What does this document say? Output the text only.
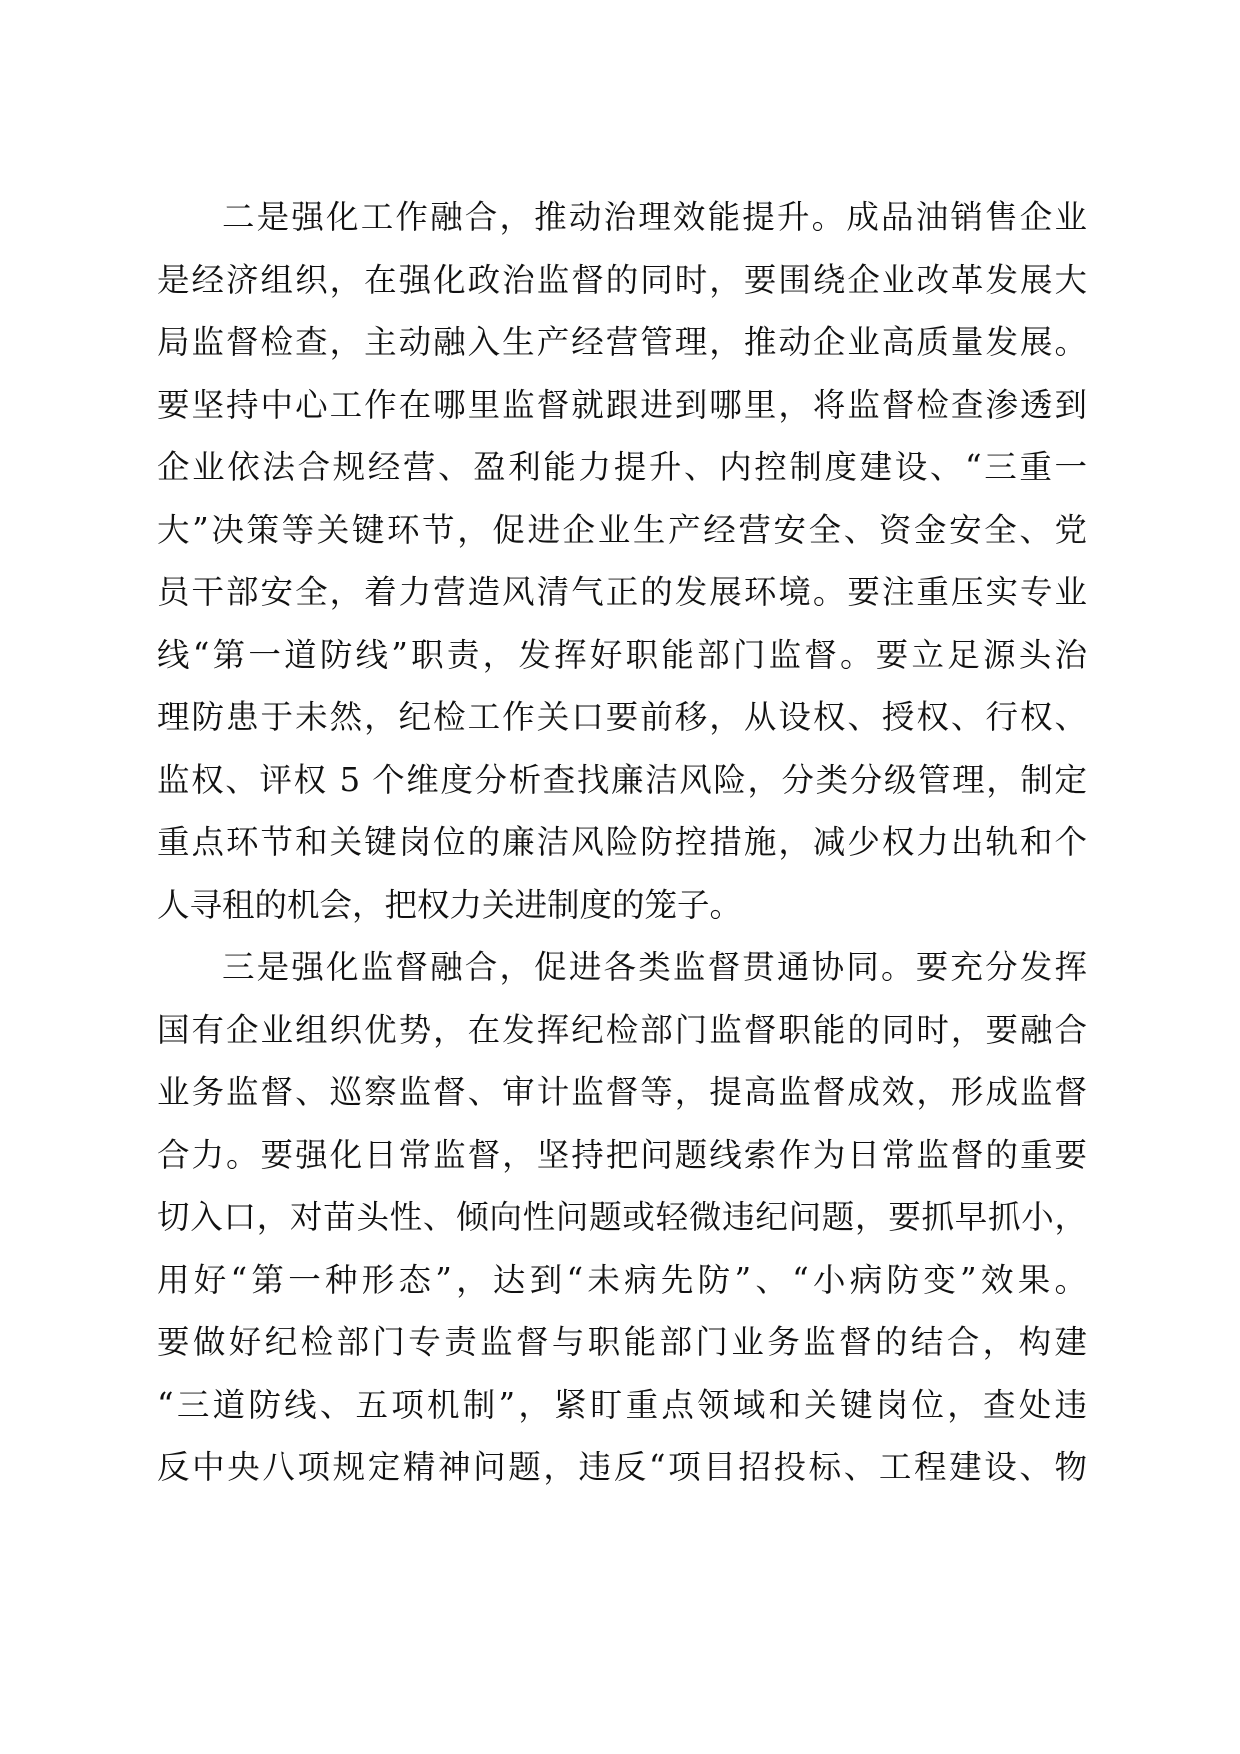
二是强化工作融合，推动治理效能提升。成品油销售企业
是经济组织，在强化政治监督的同时，要围绕企业改革发展大
局监督检查，主动融入生产经营管理，推动企业高质量发展。
要坚持中心工作在哪里监督就跟进到哪里，将监督检查渗透到
企业依法合规经营、盈利能力提升、内控制度建设、“三重一
大”决策等关键环节，促进企业生产经营安全、资金安全、党
员干部安全，着力营造风清气正的发展环境。要注重压实专业
线“第一道防线”职责，发挥好职能部门监督。要立足源头治
理防患于未然，纪检工作关口要前移，从设权、授权、行权、
监权、评权 5 个维度分析查找廉洁风险，分类分级管理，制定
重点环节和关键岗位的廉洁风险防控措施，减少权力出轨和个
人寻租的机会，把权力关进制度的笼子。
三是强化监督融合，促进各类监督贯通协同。要充分发挥
国有企业组织优势，在发挥纪检部门监督职能的同时，要融合
业务监督、巡察监督、审计监督等，提高监督成效，形成监督
合力。要强化日常监督，坚持把问题线索作为日常监督的重要
切入口，对苗头性、倾向性问题或轻微违纪问题，要抓早抓小，
用好“第一种形态”，达到“未病先防”、“小病防变”效果。
要做好纪检部门专责监督与职能部门业务监督的结合，构建
“三道防线、五项机制”，紧盯重点领域和关键岗位，查处违
反中央八项规定精神问题，违反“项目招投标、工程建设、物
